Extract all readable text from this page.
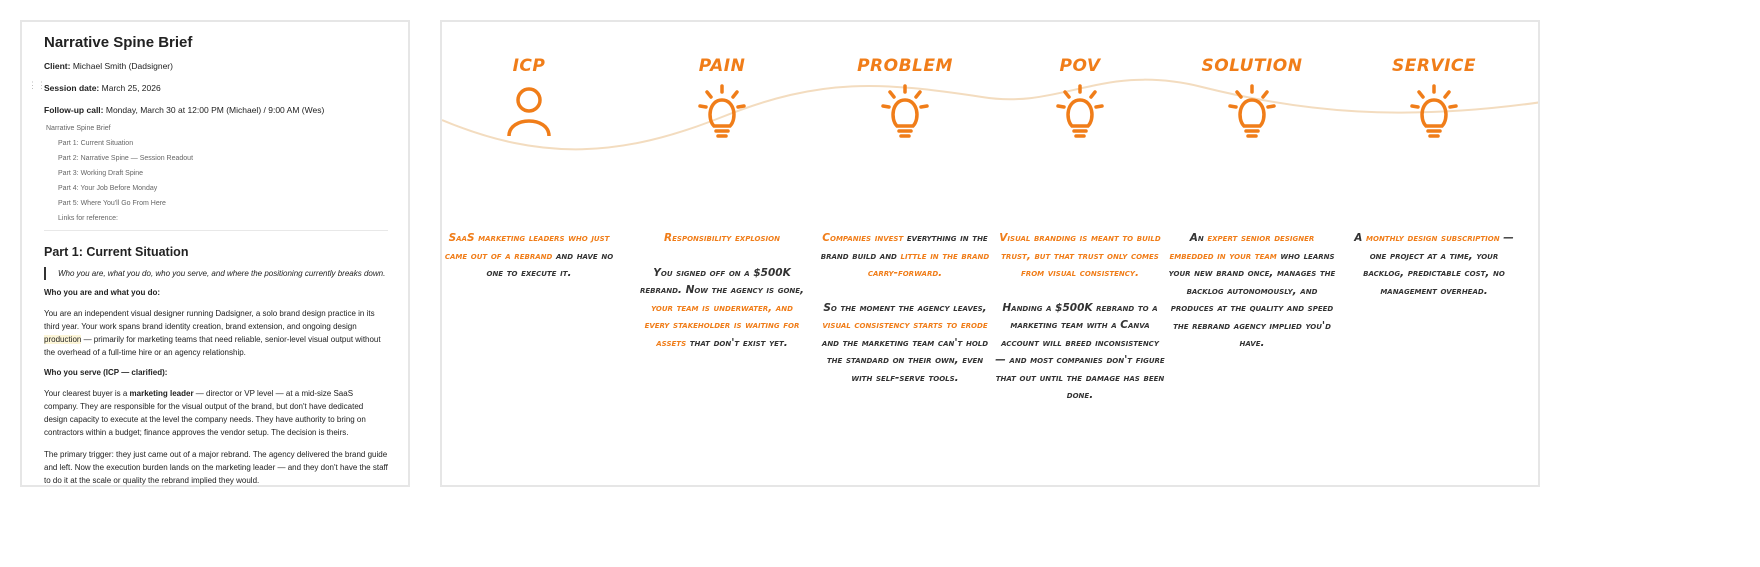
⋮⋮
Narrative Spine Brief
Client: Michael Smith (Dadsigner)
Session date: March 25, 2026
Follow-up call: Monday, March 30 at 12:00 PM (Michael) / 9:00 AM (Wes)
Narrative Spine Brief
Part 1: Current Situation
Part 2: Narrative Spine — Session Readout
Part 3: Working Draft Spine
Part 4: Your Job Before Monday
Part 5: Where You'll Go From Here
Links for reference:
Part 1: Current Situation
Who you are, what you do, who you serve, and where the positioning currently breaks down.
Who you are and what you do:
You are an independent visual designer running Dadsigner, a solo brand design practice in its third year. Your work spans brand identity creation, brand extension, and ongoing design production — primarily for marketing teams that need reliable, senior-level visual output without the overhead of a full-time hire or an agency relationship.
Who you serve (ICP — clarified):
Your clearest buyer is a marketing leader — director or VP level — at a mid-size SaaS company. They are responsible for the visual output of the brand, but don't have dedicated design capacity to execute at the level the company needs. They have authority to bring on contractors within a budget; finance approves the vendor setup. The decision is theirs.
The primary trigger: they just came out of a major rebrand. The agency delivered the brand guide and left. Now the execution burden lands on the marketing leader — and they don't have the staff to do it at the scale or quality the rebrand implied they would.
ICP

SaaS marketing leaders who just came out of a rebrand and have no one to execute it.

PAIN

Responsibility explosion

You signed off on a $500K rebrand. Now the agency is gone, your team is underwater, and every stakeholder is waiting for assets that don't exist yet.

PROBLEM

Companies invest everything in the brand build and little in the brand carry-forward.

So the moment the agency leaves, visual consistency starts to erode and the marketing team can't hold the standard on their own, even with self-serve tools.

POV

Visual branding is meant to build trust, but that trust only comes from visual consistency.

Handing a $500K rebrand to a marketing team with a Canva account will breed inconsistency — and most companies don't figure that out until the damage has been done.

SOLUTION

An expert senior designer embedded in your team who learns your new brand once, manages the backlog autonomously, and produces at the quality and speed the rebrand agency implied you'd have.

SERVICE

A monthly design subscription — one project at a time, your backlog, predictable cost, no management overhead.
